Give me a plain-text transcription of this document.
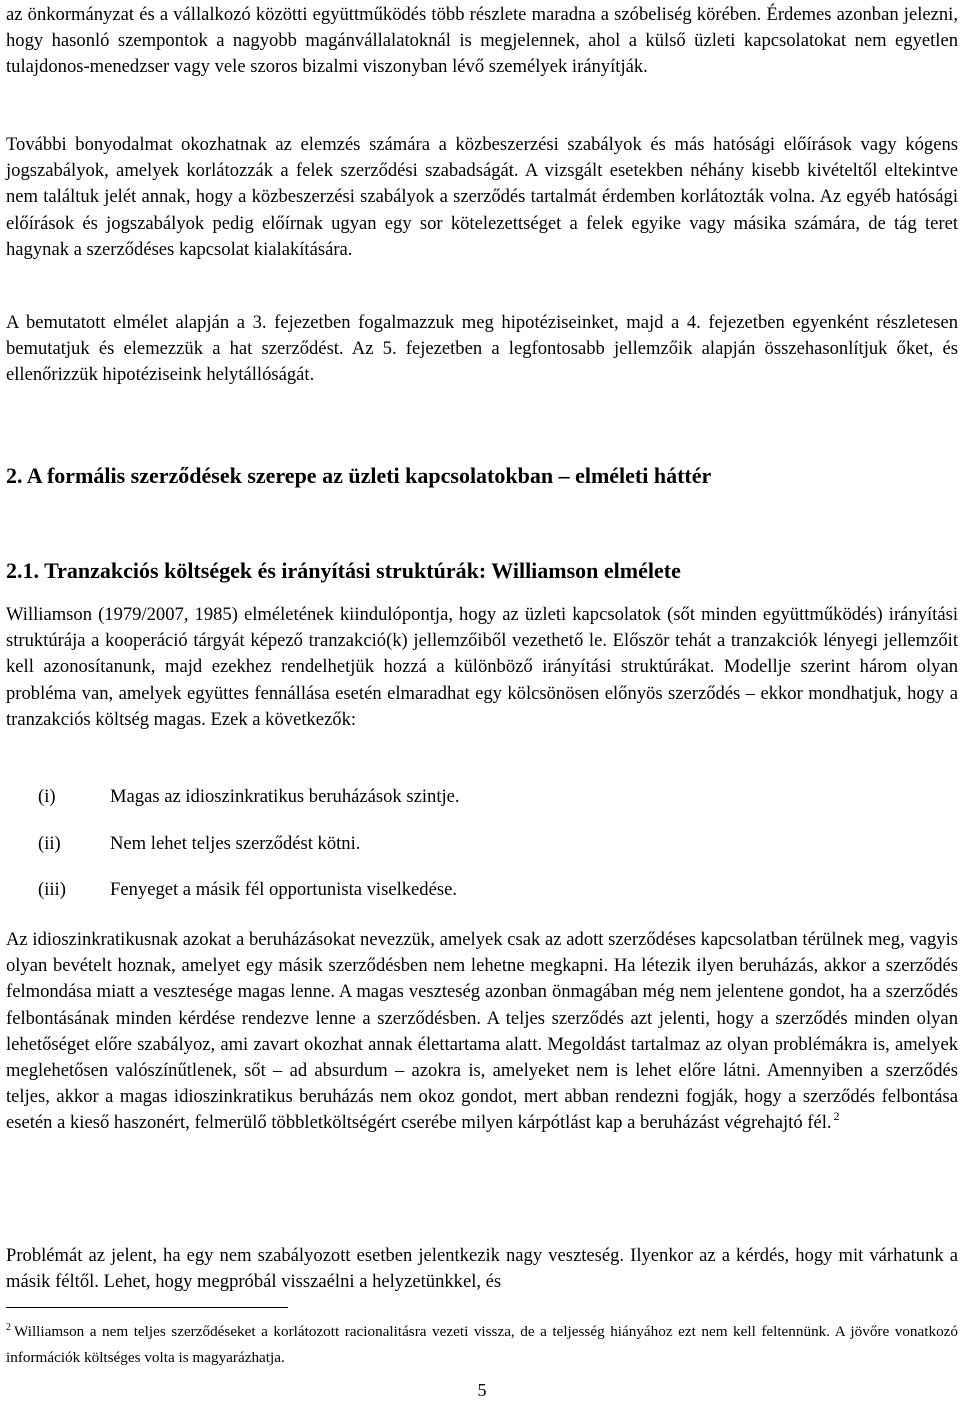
az önkormányzat és a vállalkozó közötti együttműködés több részlete maradna a szóbeliség körében. Érdemes azonban jelezni, hogy hasonló szempontok a nagyobb magánvállalatoknál is megjelennek, ahol a külső üzleti kapcsolatokat nem egyetlen tulajdonos-menedzser vagy vele szoros bizalmi viszonyban lévő személyek irányítják.

További bonyodalmat okozhatnak az elemzés számára a közbeszerzési szabályok és más hatósági előírások vagy kógens jogszabályok, amelyek korlátozzák a felek szerződési szabadságát. A vizsgált esetekben néhány kisebb kivételtől eltekintve nem találtuk jelét annak, hogy a közbeszerzési szabályok a szerződés tartalmát érdemben korlátozták volna. Az egyéb hatósági előírások és jogszabályok pedig előírnak ugyan egy sor kötelezettséget a felek egyike vagy másika számára, de tág teret hagynak a szerződéses kapcsolat kialakítására.

A bemutatott elmélet alapján a 3. fejezetben fogalmazzuk meg hipotéziseinket, majd a 4. fejezetben egyenként részletesen bemutatjuk és elemezzük a hat szerződést. Az 5. fejezetben a legfontosabb jellemzőik alapján összehasonlítjuk őket, és ellenőrizzük hipotéziseink helytállóságát.

2. A formális szerződések szerepe az üzleti kapcsolatokban – elméleti háttér
2.1. Tranzakciós költségek és irányítási struktúrák: Williamson elmélete

Williamson (1979/2007, 1985) elméletének kiindulópontja, hogy az üzleti kapcsolatok (sőt minden együttműködés) irányítási struktúrája a kooperáció tárgyát képező tranzakció(k) jellemzőiből vezethető le. Először tehát a tranzakciók lényegi jellemzőit kell azonosítanunk, majd ezekhez rendelhetjük hozzá a különböző irányítási struktúrákat. Modellje szerint három olyan probléma van, amelyek együttes fennállása esetén elmaradhat egy kölcsönösen előnyös szerződés – ekkor mondhatjuk, hogy a tranzakciós költség magas. Ezek a következők:

(i)	Magas az idioszinkratikus beruházások szintje.
(ii)	Nem lehet teljes szerződést kötni.
(iii) Fenyeget a másik fél opportunista viselkedése.

Az idioszinkratikusnak azokat a beruházásokat nevezzük, amelyek csak az adott szerződéses kapcsolatban térülnek meg, vagyis olyan bevételt hoznak, amelyet egy másik szerződésben nem lehetne megkapni. Ha létezik ilyen beruházás, akkor a szerződés felmondása miatt a vesztesége magas lenne. A magas veszteség azonban önmagában még nem jelentene gondot, ha a szerződés felbontásának minden kérdése rendezve lenne a szerződésben. A teljes szerződés azt jelenti, hogy a szerződés minden olyan lehetőséget előre szabályoz, ami zavart okozhat annak élettartama alatt. Megoldást tartalmaz az olyan problémákra is, amelyek meglehetősen valószínűtlenek, sőt – ad absurdum – azokra is, amelyeket nem is lehet előre látni. Amennyiben a szerződés teljes, akkor a magas idioszinkratikus beruházás nem okoz gondot, mert abban rendezni fogják, hogy a szerződés felbontása esetén a kieső haszonért, felmerülő többletköltségért cserébe milyen kárpótlást kap a beruházást végrehajtó fél. $^2$

Problémát az jelent, ha egy nem szabályozott esetben jelentkezik nagy veszteség. Ilyenkor az a kérdés, hogy mit várhatunk a másik féltől. Lehet, hogy megpróbál visszaélni a helyzetünkkel, és

$^2$ Williamson a nem teljes szerződéseket a korlátozott racionalitásra vezeti vissza, de a teljesség hiányához ezt nem kell feltennünk. A jövőre vonatkozó információk költséges volta is magyarázhatja.
5
